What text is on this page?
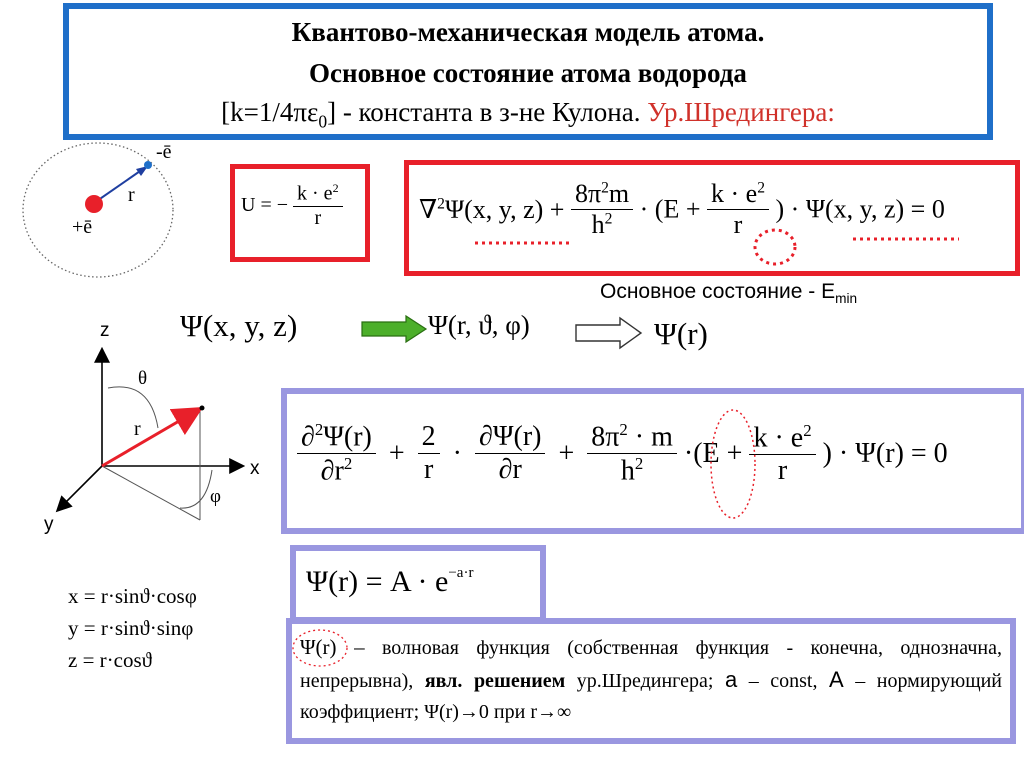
Квантово-механическая модель атома.
Основное состояние атома водорода
$[k=1/4\pi\varepsilon_0]$ - константа в з-не Кулона. Ур.Шредингера:
-ē
+ē
r	U = − $\frac{k \cdot e^2}{r}$	∇$^2$Ψ(x, y, $z) + \frac{8\pi^2m}{h^2} \cdot (E + \frac{k \cdot e^2}{r}$ ) · Ψ(x, y, z) = 0
Основное состояние - $E_{min}$
Ψ(x, y, z)	Ψ(r, ϑ, φ)	Ψ(r)
z
x
y
θ
r
φ
$\frac{\partial^2\Psi(r)}{\partial r^2} + \frac{2}{r} \cdot \frac{\partial\Psi(r)}{\partial r} + \frac{8\pi^2 \cdot m}{h^2} \cdot(E + \frac{k \cdot e^2}{r}$ ) · Ψ(r) = 0
$\Psi(r) = A \cdot e^{-a\cdot r}$
x = r·sinϑ·cosφ
y = r·sinϑ·sinφ
z = r·cosϑ
Ψ(r) – волновая функция (собственная функция - конечна, однозначна, непрерывна), явл. решением ур.Шредингера; a – const, A – нормирующий коэффициент; Ψ(r)→0 при r→∞
